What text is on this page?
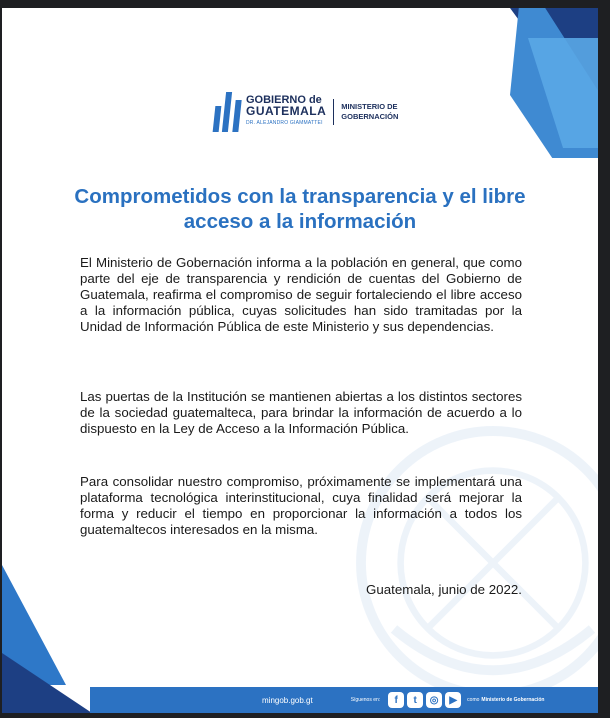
GOBIERNO de
GUATEMALA
DR. ALEJANDRO GIAMMATTEI
MINISTERIO DE
GOBERNACIÓN
Comprometidos con la transparencia y el libre acceso a la información

El Ministerio de Gobernación informa a la población en general, que como parte del eje de transparencia y rendición de cuentas del Gobierno de Guatemala, reafirma el compromiso de seguir fortaleciendo el libre acceso a la información pública, cuyas solicitudes han sido tramitadas por la Unidad de Información Pública de este Ministerio y sus dependencias.

Las puertas de la Institución se mantienen abiertas a los distintos sectores de la sociedad guatemalteca, para brindar la información de acuerdo a lo dispuesto en la Ley de Acceso a la Información Pública.

Para consolidar nuestro compromiso, próximamente se implementará una plataforma tecnológica interinstitucional, cuya finalidad será mejorar la forma y reducir el tiempo en proporcionar la información a todos los guatemaltecos interesados en la misma.

Guatemala, junio de 2022.
mingob.gob.gt	Síguenos en:	f	t	◎	▶	como Ministerio de Gobernación
